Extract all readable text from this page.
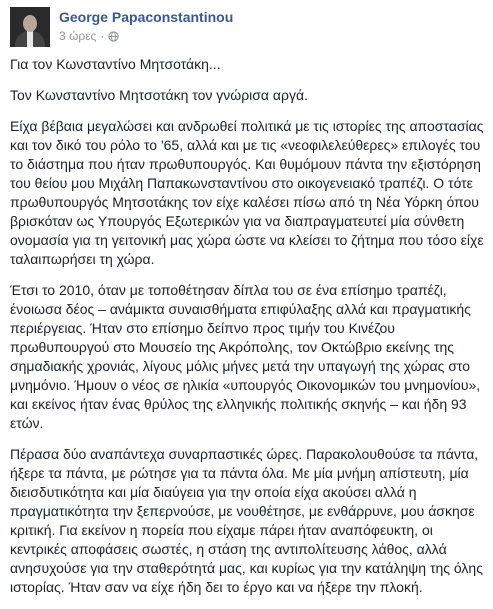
George Papaconstantinou
3 ώρες ·

Για τον Κωνσταντίνο Μητσοτάκη...

Τον Κωνσταντίνο Μητσοτάκη τον γνώρισα αργά.

Είχα βέβαια μεγαλώσει και ανδρωθεί πολιτικά με τις ιστορίες της αποστασίας και τον δικό του ρόλο το '65, αλλά και με τις «νεοφιλελεύθερες» επιλογές του το διάστημα που ήταν πρωθυπουργός. Και θυμόμουν πάντα την εξιστόρηση του θείου μου Μιχάλη Παπακωνσταντίνου στο οικογενειακό τραπέζι. Ο τότε πρωθυπουργός Μητσοτάκης τον είχε καλέσει πίσω από τη Νέα Υόρκη όπου βρισκόταν ως Υπουργός Εξωτερικών για να διαπραγματευτεί μία σύνθετη ονομασία για τη γειτονική μας χώρα ώστε να κλείσει το ζήτημα που τόσο είχε ταλαιπωρήσει τη χώρα.

Έτσι το 2010, όταν με τοποθέτησαν δίπλα του σε ένα επίσημο τραπέζι, ένοιωσα δέος – ανάμικτα συναισθήματα επιφύλαξης αλλά και πραγματικής περιέργειας. Ήταν στο επίσημο δείπνο προς τιμήν του Κινέζου πρωθυπουργού στο Μουσείο της Ακρόπολης, τον Οκτώβριο εκείνης της σημαδιακής χρονιάς, λίγους μόλις μήνες μετά την υπαγωγή της χώρας στο μνημόνιο. Ήμουν ο νέος σε ηλικία «υπουργός Οικονομικών του μνημονίου», και εκείνος ήταν ένας θρύλος της ελληνικής πολιτικής σκηνής – και ήδη 93 ετών.

Πέρασα δύο αναπάντεχα συναρπαστικές ώρες. Παρακολουθούσε τα πάντα, ήξερε τα πάντα, με ρώτησε για τα πάντα όλα. Με μία μνήμη απίστευτη, μία διεισδυτικότητα και μία διαύγεια για την οποία είχα ακούσει αλλά η πραγματικότητα την ξεπερνούσε, με νουθέτησε, με ενθάρρυνε, μου άσκησε κριτική. Για εκείνον η πορεία που είχαμε πάρει ήταν αναπόφευκτη, οι κεντρικές αποφάσεις σωστές, η στάση της αντιπολίτευσης λάθος, αλλά ανησυχούσε για την σταθερότητά μας, και κυρίως για την κατάληψη της όλης ιστορίας. Ήταν σαν να είχε ήδη δει το έργο και να ήξερε την πλοκή.
